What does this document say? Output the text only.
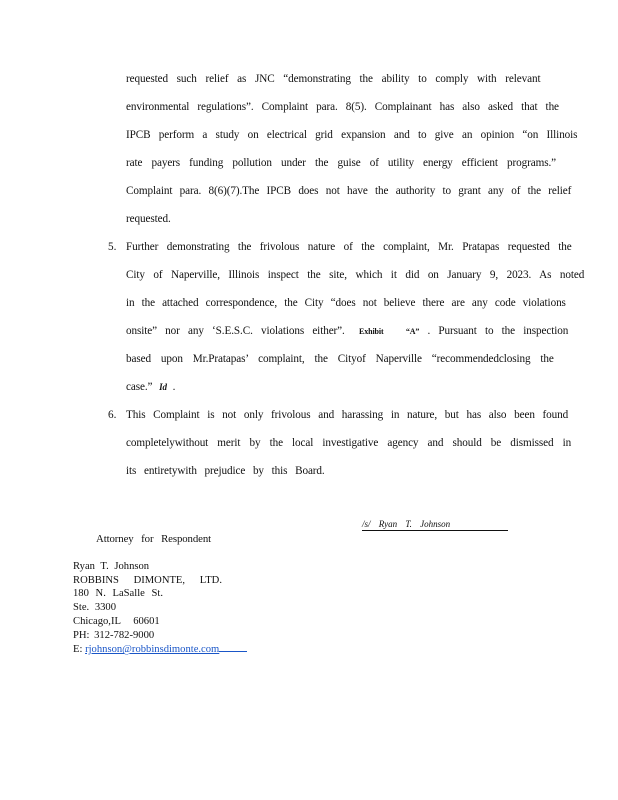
requested such relief as JNC “demonstrating the ability to comply with relevant
environmental regulations”. Complaint para. 8(5). Complainant has also asked that the
IPCB perform a study on electrical grid expansion and to give an opinion “on Illinois
rate payers funding pollution under the guise of utility energy efficient programs.”
Complaint para. 8(6)(7).The IPCB does not have the authority to grant any of the relief
requested.
5. Further demonstrating the frivolous nature of the complaint, Mr. Pratapas requested the
City of Naperville, Illinois inspect the site, which it did on January 9, 2023. As noted
in the attached correspondence, the City “does not believe there are any code violations
onsite” nor any ‘S.E.S.C. violations either”. Exhibit	“A” . Pursuant to the inspection
based upon Mr.Pratapas’ complaint, the Cityof Naperville “recommendedclosing the
case.” Id .
6. This Complaint is not only frivolous and harassing in nature, but has also been found
completelywithout merit by the local investigative agency and should be dismissed in
its entiretywith prejudice by this Board.
/s/ Ryan T. Johnson
Attorney for Respondent
Ryan T. Johnson
ROBBINS DIMONTE, LTD.
180 N. LaSalle St.
Ste. 3300
Chicago,IL 60601
PH: 312-782-9000
E: rjohnson@robbinsdimonte.com
